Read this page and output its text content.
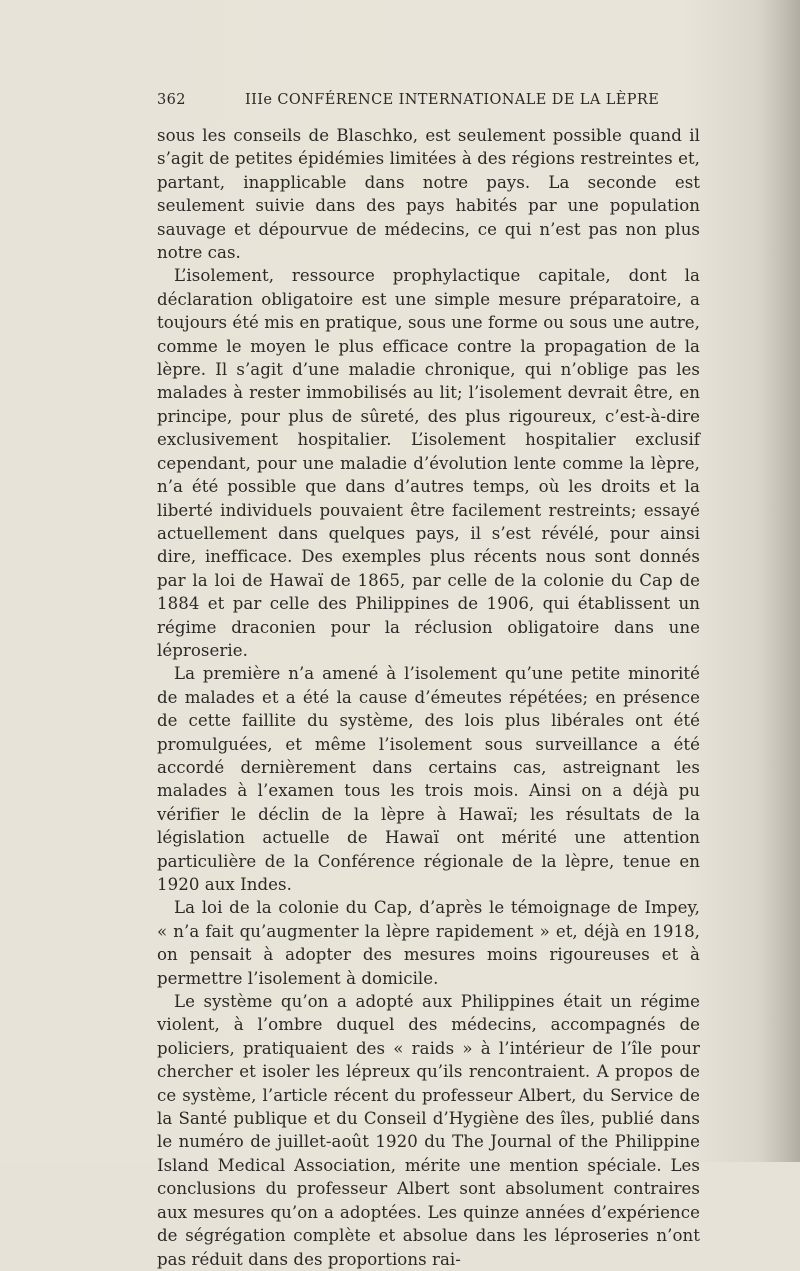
362	IIIe CONFÉRENCE INTERNATIONALE DE LA LÈPRE

sous les conseils de Blaschko, est seulement possible quand il s’agit de petites épidémies limitées à des régions restreintes et, partant, inapplicable dans notre pays. La seconde est seulement suivie dans des pays habités par une population sauvage et dépourvue de médecins, ce qui n’est pas non plus notre cas.

L’isolement, ressource prophylactique capitale, dont la déclaration obligatoire est une simple mesure préparatoire, a toujours été mis en pratique, sous une forme ou sous une autre, comme le moyen le plus efficace contre la propagation de la lèpre. Il s’agit d’une maladie chronique, qui n’oblige pas les malades à rester immobilisés au lit; l’isolement devrait être, en principe, pour plus de sûreté, des plus rigoureux, c’est-à-dire exclusivement hospitalier. L’isolement hospitalier exclusif cependant, pour une maladie d’évolution lente comme la lèpre, n’a été possible que dans d’autres temps, où les droits et la liberté individuels pouvaient être facilement restreints; essayé actuellement dans quelques pays, il s’est révélé, pour ainsi dire, inefficace. Des exemples plus récents nous sont donnés par la loi de Hawaï de 1865, par celle de la colonie du Cap de 1884 et par celle des Philippines de 1906, qui établissent un régime draconien pour la réclusion obligatoire dans une léproserie.

La première n’a amené à l’isolement qu’une petite minorité de malades et a été la cause d’émeutes répétées; en présence de cette faillite du système, des lois plus libérales ont été promulguées, et même l’isolement sous surveillance a été accordé dernièrement dans certains cas, astreignant les malades à l’examen tous les trois mois. Ainsi on a déjà pu vérifier le déclin de la lèpre à Hawaï; les résultats de la législation actuelle de Hawaï ont mérité une attention particulière de la Conférence régionale de la lèpre, tenue en 1920 aux Indes.

La loi de la colonie du Cap, d’après le témoignage de Impey, « n’a fait qu’augmenter la lèpre rapidement » et, déjà en 1918, on pensait à adopter des mesures moins rigoureuses et à permettre l’isolement à domicile.

Le système qu’on a adopté aux Philippines était un régime violent, à l’ombre duquel des médecins, accompagnés de policiers, pratiquaient des « raids » à l’intérieur de l’île pour chercher et isoler les lépreux qu’ils rencontraient. A propos de ce système, l’article récent du professeur Albert, du Service de la Santé publique et du Conseil d’Hygiène des îles, publié dans le numéro de juillet-août 1920 du The Journal of the Philippine Island Medical Association, mérite une mention spéciale. Les conclusions du professeur Albert sont absolument contraires aux mesures qu’on a adoptées. Les quinze années d’expérience de ségrégation complète et absolue dans les léproseries n’ont pas réduit dans des proportions rai-
